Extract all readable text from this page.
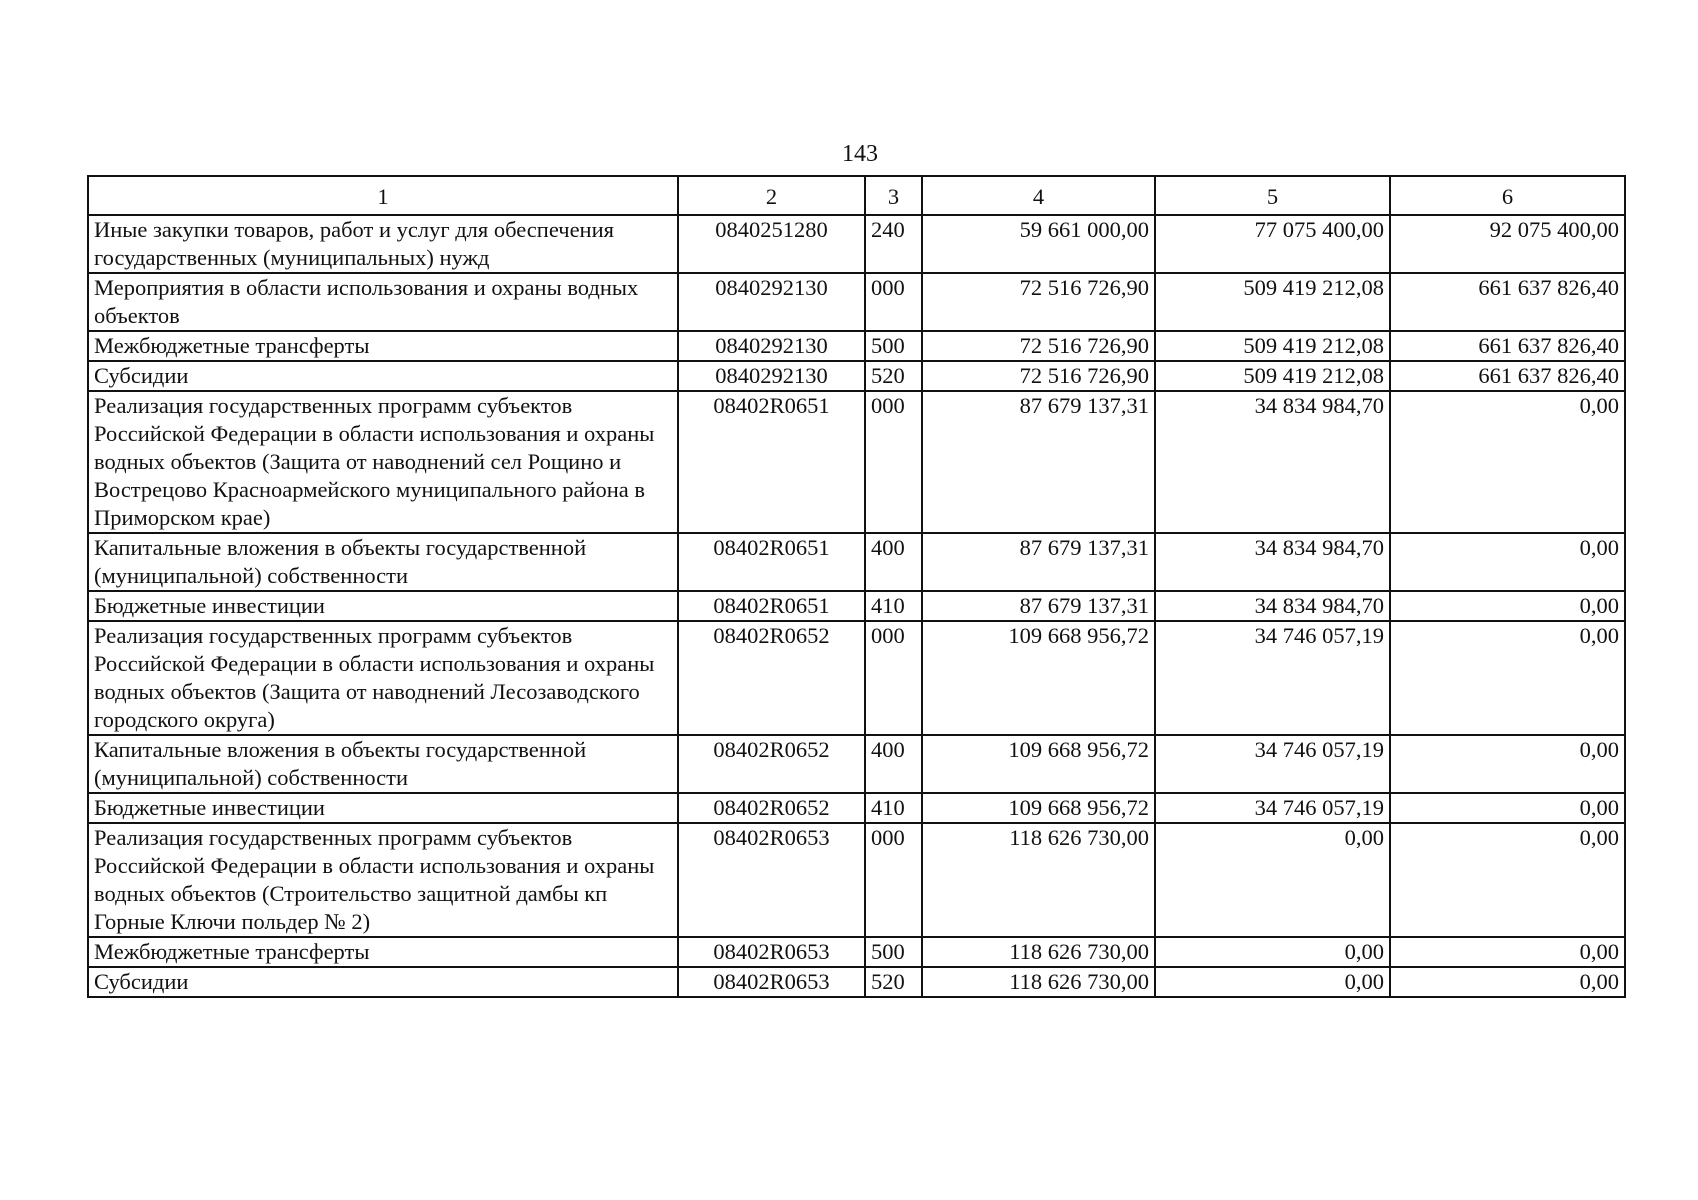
143
1	2	3	4	5	6
Иные закупки товаров, работ и услуг для обеспечения государственных (муниципальных) нужд	0840251280	240	59 661 000,00	77 075 400,00	92 075 400,00
Мероприятия в области использования и охраны водных объектов	0840292130	000	72 516 726,90	509 419 212,08	661 637 826,40
Межбюджетные трансферты	0840292130	500	72 516 726,90	509 419 212,08	661 637 826,40
Субсидии	0840292130	520	72 516 726,90	509 419 212,08	661 637 826,40
Реализация государственных программ субъектов Российской Федерации в области использования и охраны водных объектов (Защита от наводнений сел Рощино и Вострецово Красноармейского муниципального района в Приморском крае)	08402R0651	000	87 679 137,31	34 834 984,70	0,00
Капитальные вложения в объекты государственной (муниципальной) собственности	08402R0651	400	87 679 137,31	34 834 984,70	0,00
Бюджетные инвестиции	08402R0651	410	87 679 137,31	34 834 984,70	0,00
Реализация государственных программ субъектов Российской Федерации в области использования и охраны водных объектов (Защита от наводнений Лесозаводского городского округа)	08402R0652	000	109 668 956,72	34 746 057,19	0,00
Капитальные вложения в объекты государственной (муниципальной) собственности	08402R0652	400	109 668 956,72	34 746 057,19	0,00
Бюджетные инвестиции	08402R0652	410	109 668 956,72	34 746 057,19	0,00
Реализация государственных программ субъектов Российской Федерации в области использования и охраны водных объектов (Строительство защитной дамбы кп Горные Ключи польдер № 2)	08402R0653	000	118 626 730,00	0,00	0,00
Межбюджетные трансферты	08402R0653	500	118 626 730,00	0,00	0,00
Субсидии	08402R0653	520	118 626 730,00	0,00	0,00
